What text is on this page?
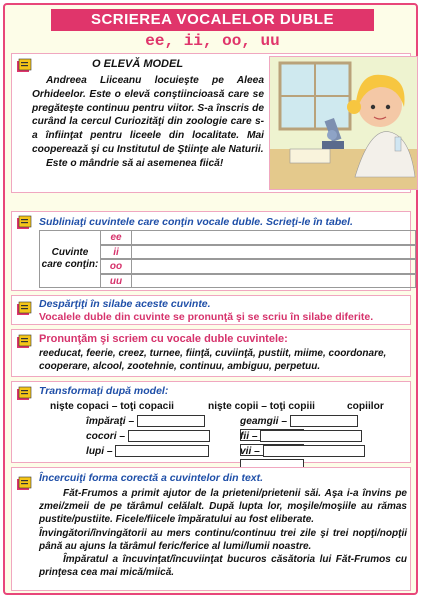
SCRIEREA VOCALELOR DUBLE
ee, ii, oo, uu
O ELEVĂ MODEL

Andreea Liiceanu locuieşte pe Aleea Orhideelor. Este o elevă conştiincioasă care se pregăteşte continuu pentru viitor. S-a înscris de curând la cercul Curiozităţi din zoologie care s-a înfiinţat pentru liceele din localitate. Mai cooperează şi cu Institutul de Ştiinţe ale Naturii.

Este o mândrie să ai asemenea fiică!

Subliniaţi cuvintele care conţin vocale duble. Scrieţi-le în tabel.
Cuvinte care conţin:
ee
ii
oo
uu
Despărţiţi în silabe aceste cuvinte.
Vocalele duble din cuvinte se pronunţă şi se scriu în silabe diferite.
Pronunţăm şi scriem cu vocale duble cuvintele:
reeducat, feerie, creez, turnee, fiinţă, cuviinţă, pustiit, miime, coordonare, cooperare, alcool, zootehnie, continuu, ambiguu, perpetuu.
Transformaţi după model:
nişte copaci – toţi copacii	nişte copii – toţi copiii	copiilor
împăraţi –
cocori –
lupi –
geamgii –
fii –
vii –
Încercuiţi forma corectă a cuvintelor din text.

Făt-Frumos a primit ajutor de la prieteni/prietenii săi. Aşa i-a învins pe zmei/zmeii de pe tărâmul celălalt. După lupta lor, moşile/moşiile au rămas pustite/pustiite. Ficele/fiicele împăratului au fost eliberate.

Învingători/învingătorii au mers continu/continuu trei zile şi trei nopţi/nopţii până au ajuns la tărâmul feric/ferice al lumi/lumii noastre.

Împăratul a încuvinţat/încuviinţat bucuros căsătoria lui Făt-Frumos cu prinţesa cea mai mică/miică.
